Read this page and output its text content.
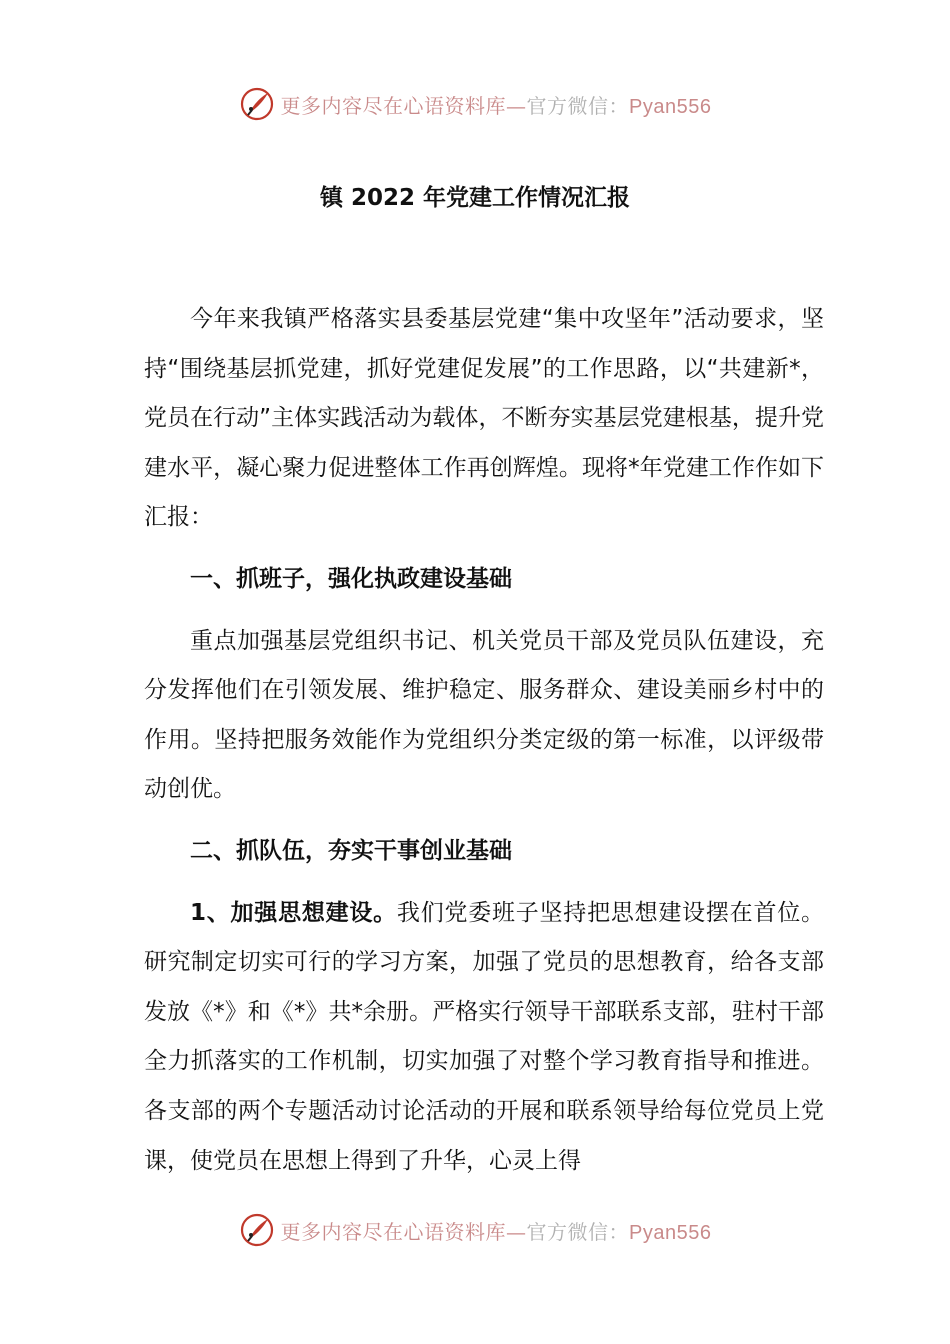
更多内容尽在心语资料库—官方微信：Pyan556
镇 2022 年党建工作情况汇报

今年来我镇严格落实县委基层党建“集中攻坚年”活动要求，坚持“围绕基层抓党建，抓好党建促发展”的工作思路，以“共建新*，党员在行动”主体实践活动为载体，不断夯实基层党建根基，提升党建水平，凝心聚力促进整体工作再创辉煌。现将*年党建工作作如下汇报：

一、抓班子，强化执政建设基础

重点加强基层党组织书记、机关党员干部及党员队伍建设，充分发挥他们在引领发展、维护稳定、服务群众、建设美丽乡村中的作用。坚持把服务效能作为党组织分类定级的第一标准，以评级带动创优。

二、抓队伍，夯实干事创业基础

1、加强思想建设。我们党委班子坚持把思想建设摆在首位。研究制定切实可行的学习方案，加强了党员的思想教育，给各支部发放《*》和《*》共*余册。严格实行领导干部联系支部，驻村干部全力抓落实的工作机制，切实加强了对整个学习教育指导和推进。各支部的两个专题活动讨论活动的开展和联系领导给每位党员上党课，使党员在思想上得到了升华，心灵上得

更多内容尽在心语资料库—官方微信：Pyan556
